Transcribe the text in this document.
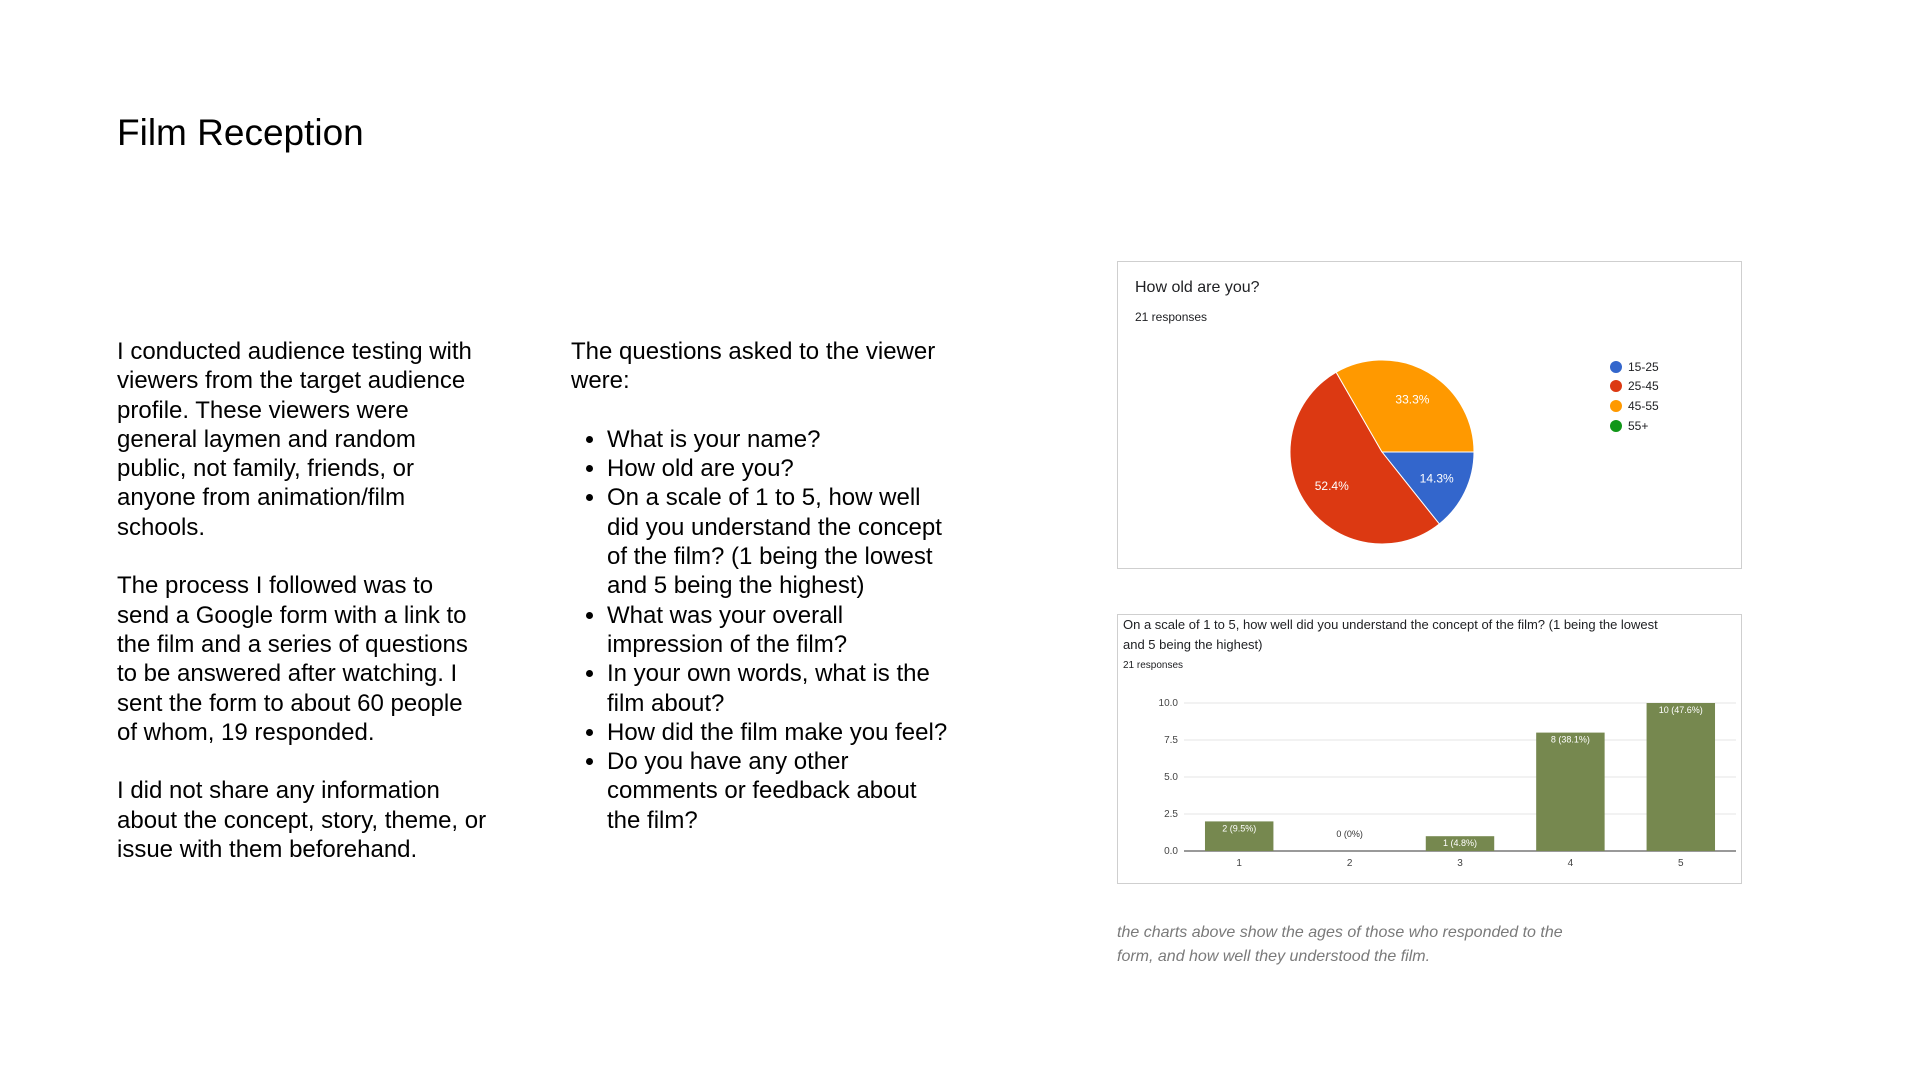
Film Reception

I conducted audience testing with viewers from the target audience profile. These viewers were general laymen and random public, not family, friends, or anyone from animation/film schools.

The process I followed was to send a Google form with a link to the film and a series of questions to be answered after watching. I sent the form to about 60 people of whom, 19 responded.

I did not share any information about the concept, story, theme, or issue with them beforehand.

The questions asked to the viewer were:

• What is your name?
• How old are you?
• On a scale of 1 to 5, how well did you understand the concept of the film? (1 being the lowest and 5 being the highest)
• What was your overall impression of the film?
• In your own words, what is the film about?
• How did the film make you feel?
• Do you have any other comments or feedback about the film?
How old are you?
21 responses
14.3%
52.4%
33.3%
15-25
25-45
45-55
55+
On a scale of 1 to 5, how well did you understand the concept of the film? (1 being the lowest and 5 being the highest)
21 responses
0.0
2.5
5.0
7.5
10.0
2 (9.5%)
1
0 (0%)
2
1 (4.8%)
3
8 (38.1%)
4
10 (47.6%)
5
the charts above show the ages of those who responded to the form, and how well they understood the film.
